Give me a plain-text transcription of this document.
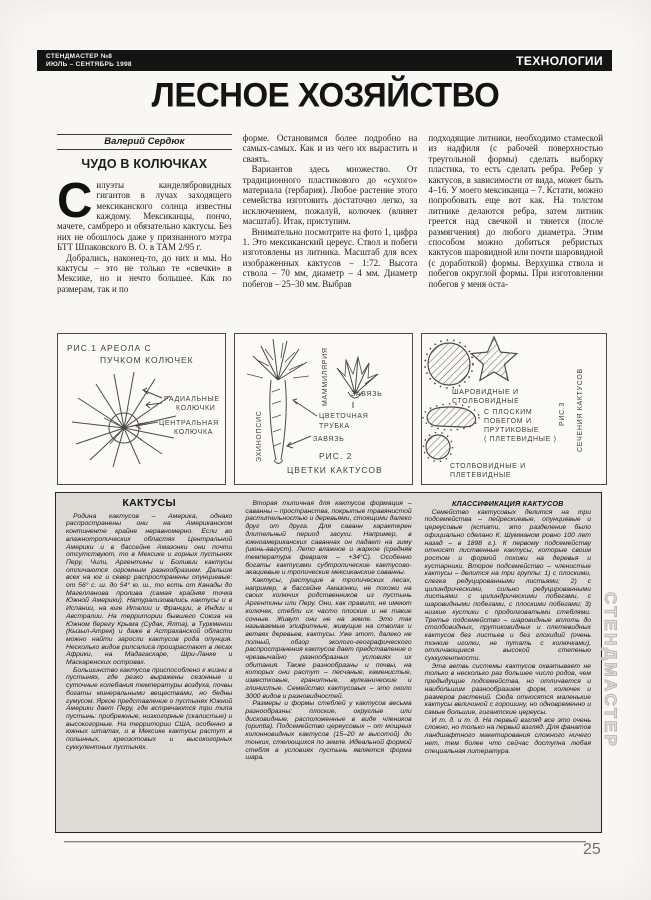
СТЕНДМАСТЕР №8
ИЮЛЬ – СЕНТЯБРЬ 1998	ТЕХНОЛОГИИ
ЛЕСНОЕ ХОЗЯЙСТВО
Валерий Сердюк
ЧУДО В КОЛЮЧКАХ

Силуэты канделябровидных гигантов в лучах заходящего мексиканского солнца известны каждому. Мексиканцы, пончо, мачете, самбреро и обязательно кактусы. Без них не обошлось даже у признанного мэтра БТТ Шпаковского В. О. в ТАМ 2/95 г.

Добрались, наконец-то, до них и мы. Но кактусы – это не только те «свечки» в Мексике, но и нечто большее. Как по размерам, так и по

форме. Остановимся более подробно на самых-самых. Как и из чего их вырастить и сваять.

Вариантов здесь множество. От традиционного пластикового до «сухого» материала (гербария). Любое растение этого семейства изготовить достаточно легко, за исключением, пожалуй, колючек (влияет масштаб). Итак, приступим.

Внимательно посмотрите на фото 1, цифра 1. Это мексиканский цереус. Ствол и побеги изготовлены из литника. Масштаб для всех изображенных кактусов – 1:72. Высота ствола – 70 мм, диаметр – 4 мм. Диаметр побегов – 25–30 мм. Выбрав

подходящие литники, необходимо стамеской из надфиля (с рабочей поверхностью треугольной формы) сделать выборку пластика, то есть сделать ребра. Ребер у кактусов, в зависимости от вида, может быть 4–16. У моего мексиканца – 7. Кстати, можно попробовать еще вот как. На толстом литнике делаются ребра, затем литник греется над свечкой и тянется (после размягчения) до любого диаметра. Этим способом можно добиться ребристых кактусов шаровидной или почти шаровидной (с доработкой) формы. Верхушка ствола и побегов округлой формы. При изготовлении побегов у меня оста-

РИС.1 АРЕОЛА С
ПУЧКОМ КОЛЮЧЕК
РАДИАЛЬНЫЕ
КОЛЮЧКИ
ЦЕНТРАЛЬНАЯ
КОЛЮЧКА	ЭХИНОПСИС
МАММИЛЯРИЯ	ЗАВЯЗЬ
ЦВЕТОЧНАЯ
ТРУБКА
ЗАВЯЗЬ
РИС. 2
ЦВЕТКИ КАКТУСОВ
ШАРОВИДНЫЕ И
СТОЛБОВИДНЫЕ
С ПЛОСКИМ
ПОБЕГОМ И
ПРУТИКОВЫЕ
( ПЛЕТЕВИДНЫЕ )
СТОЛБОВИДНЫЕ И
ПЛЕТЕВИДНЫЕ
РИС.3 СЕЧЕНИЯ КАКТУСОВ
КАКТУСЫ

Родина кактусов – Америка, однако распространены они на Американском континенте крайне неравномерно. Если во влажнотропических областях Центральной Америки и в бассейне Амазонки они почти отсутствуют, то в Мексике и горных пустынях Перу, Чили, Аргентины и Боливии кактусы отличаются огромным разнообразием. Дальше всех на юг и север распространены опунциевые: от 56° с. ш. до 54° ю. ш., то есть от Канады до Магелланова пролива (самая крайняя точка Южной Америки). Натурализовались кактусы и в Испании, на юге Италии и Франции, в Индии и Австралии. На территории бывшего Союза на Южном берегу Крыма (Судак, Ялта), в Туркмении (Кызыл-Атрек) и даже в Астраханской области можно найти заросли кактусов рода опунция. Несколько видов рипсалиса произрастают в лесах Африки, на Мадагаскаре, Шри-Ланке и Маскаренских островах.

Большинство кактусов приспособлено к жизни в пустынях, где резко выражены сезонные и суточные колебания температуры воздуха, почвы богаты минеральными веществами, но бедны гумусом. Яркое представление о пустынях Южной Америки дает Перу, где встречаются три типа пустынь: прибрежные, низкогорные (скалистые) и высокогорные. На территории США, особенно в южных штатах, и в Мексике кактусы растут в полынных, креозотовых и высокогорных суккулентных пустынях.

Вторая типичная для кактусов формация – саванны – пространства, покрытые травянистой растительностью и деревьями, стоящими далеко друг от друга. Для саванн характерен длительный период засухи. Например, в южноамериканских саваннах он падает на зиму (июнь-август). Лето влажное и жаркое (средняя температура февраля – +34°С). Особенно богаты кактусами субтропические кактусово-акациевые и тропические мексиканские саванны.

Кактусы, растущие в тропических лесах, например, в бассейне Амазонки, не похожи на своих колючих родственников из пустынь Аргентины или Перу. Они, как правило, не имеют колючек, стебли их часто плоские и не такие сочные. Живут они не на земле. Это так называемые эпифитные, живущие на стволах и ветвях деревьев, кактусы. Уже этот, далеко не полный, обзор эколого-географического распространения кактусов дает представление о чрезвычайно разнообразных условиях их обитания. Также разнообразны и почвы, на которых они растут – песчаные, каменистые, известковые, гранитные, вулканические и глинистые. Семейство кактусовых – это около 3000 видов и разновидностей.

Размеры и формы стеблей у кактусов весьма разнообразны: плоские, округлые или дисковидные, расположенные в виде члеников (opuntia). Подсемейство цереусовых – от мощных колонновидных кактусов (15–20 м высотой) до тонких, стелющихся по земле. Идеальной формой стебля в условиях пустынь является форма шара.

КЛАССИФИКАЦИЯ КАКТУСОВ

Семейство кактусовых делится на три подсемейства – пейрескиевые, опунциевые и цереусовые (кстати, это разделение было официально сделано К. Шумманом ровно 100 лет назад – в 1898 г.). К первому подсемейству относят лиственные кактусы, которые своим ростом и формой похожи на деревья и кустарники. Второе подсемейство – членистые кактусы – делится на три группы: 1) с плоскими, слегка редуцированными листьями; 2) с цилиндрическими, сильно редуцированными листьями: с цилиндрическими побегами, с шаровидными побегами, с плоскими побегами; 3) низкие кустики с продолговатыми стеблями. Третье подсемейство – шаровидные вплоть до столбовидных, прутиковидных и плетевидных кактусов без листьев и без глохидий (очень тонкие иголки, не путать с колючками), отличающиеся высокой степенью суккулентности.

Эта ветвь системы кактусов охватывает не только в несколько раз большее число родов, чем предыдущие подсемейства, но отличается и наибольшим разнообразием форм, колючек и размеров растений. Сюда относятся маленькие кактусы величиной с горошину, но одновременно и самые большие, гигантские цереусы.

И т. д. и т. д. На первый взгляд все это очень сложно, но только на первый взгляд. Для фанатов ландшафтного макетирования сложного ничего нет, тем более что сейчас доступна любая специальная литература.

СТЕНДМАСТЕР
25
